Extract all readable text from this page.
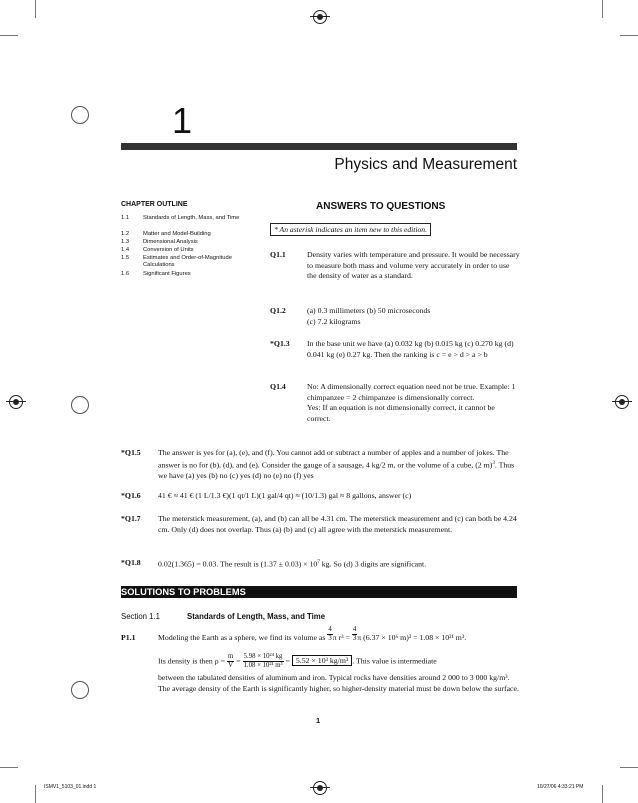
1
Physics and Measurement
CHAPTER OUTLINE
1.1 Standards of Length, Mass, and Time
1.2 Matter and Model-Building
1.3 Dimensional Analysis
1.4 Conversion of Units
1.5 Estimates and Order-of-Magnitude Calculations
1.6 Significant Figures
ANSWERS TO QUESTIONS
* An asterisk indicates an item new to this edition.
Q1.1	Density varies with temperature and pressure. It would be necessary to measure both mass and volume very accurately in order to use the density of water as a standard.
Q1.2	(a) 0.3 millimeters (b) 50 microseconds

(c) 7.2 kilograms

*Q1.3 In the base unit we have (a) 0.032 kg (b) 0.015 kg (c) 0.270 kg (d) 0.041 kg (e) 0.27 kg. Then the ranking is c = e > d > a > b
Q1.4	No: A dimensionally correct equation need not be true. Example: 1 chimpanzee = 2 chimpanzee is dimensionally correct.

Yes: If an equation is not dimensionally correct, it cannot be correct.

*Q1.5 The answer is yes for (a), (e), and (f). You cannot add or subtract a number of apples and a number of jokes. The answer is no for (b), (d), and (e). Consider the gauge of a sausage, 4 kg/2 m, or the volume of a cube, (2 m)$^3$. Thus we have (a) yes (b) no (c) yes (d) no (e) no (f) yes
*Q1.6 41 € ≈ 41 € (1 L/1.3 €)(1 qt/1 L)(1 gal/4 qt) ≈ (10/1.3) gal ≈ 8 gallons, answer (c)
*Q1.7 The meterstick measurement, (a), and (b) can all be 4.31 cm. The meterstick measurement and (c) can both be 4.24 cm. Only (d) does not overlap. Thus (a) (b) and (c) all agree with the meterstick measurement.
*Q1.8 0.02(1.365) = 0.03. The result is $(1.37 \pm 0.03) \times 10^7$ kg. So (d) 3 digits are significant.
SOLUTIONS TO PROBLEMS
Section 1.1	Standards of Length, Mass, and Time
P1.1	Modeling the Earth as a sphere, we find its volume as $\frac{4}{3}$ π $r^3 = \frac{4}{3}$ π (6.37 × 10⁶ m)³ = 1.08 × 10²¹ m³.
Its density is then $\rho = \frac{m}{V} = \frac{\text{5.98 × 10²⁴ kg}}{\text{1.08 × 10²¹ m³}} = 5.52 \times 10^3$ kg/m³ . This value is intermediate
between the tabulated densities of aluminum and iron. Typical rocks have densities around 2 000 to 3 000 kg/m³. The average density of the Earth is significantly higher, so higher-density material must be down below the surface.
1
ISMV1_5103_01.indd 1	10/27/06 4:33:21 PM
